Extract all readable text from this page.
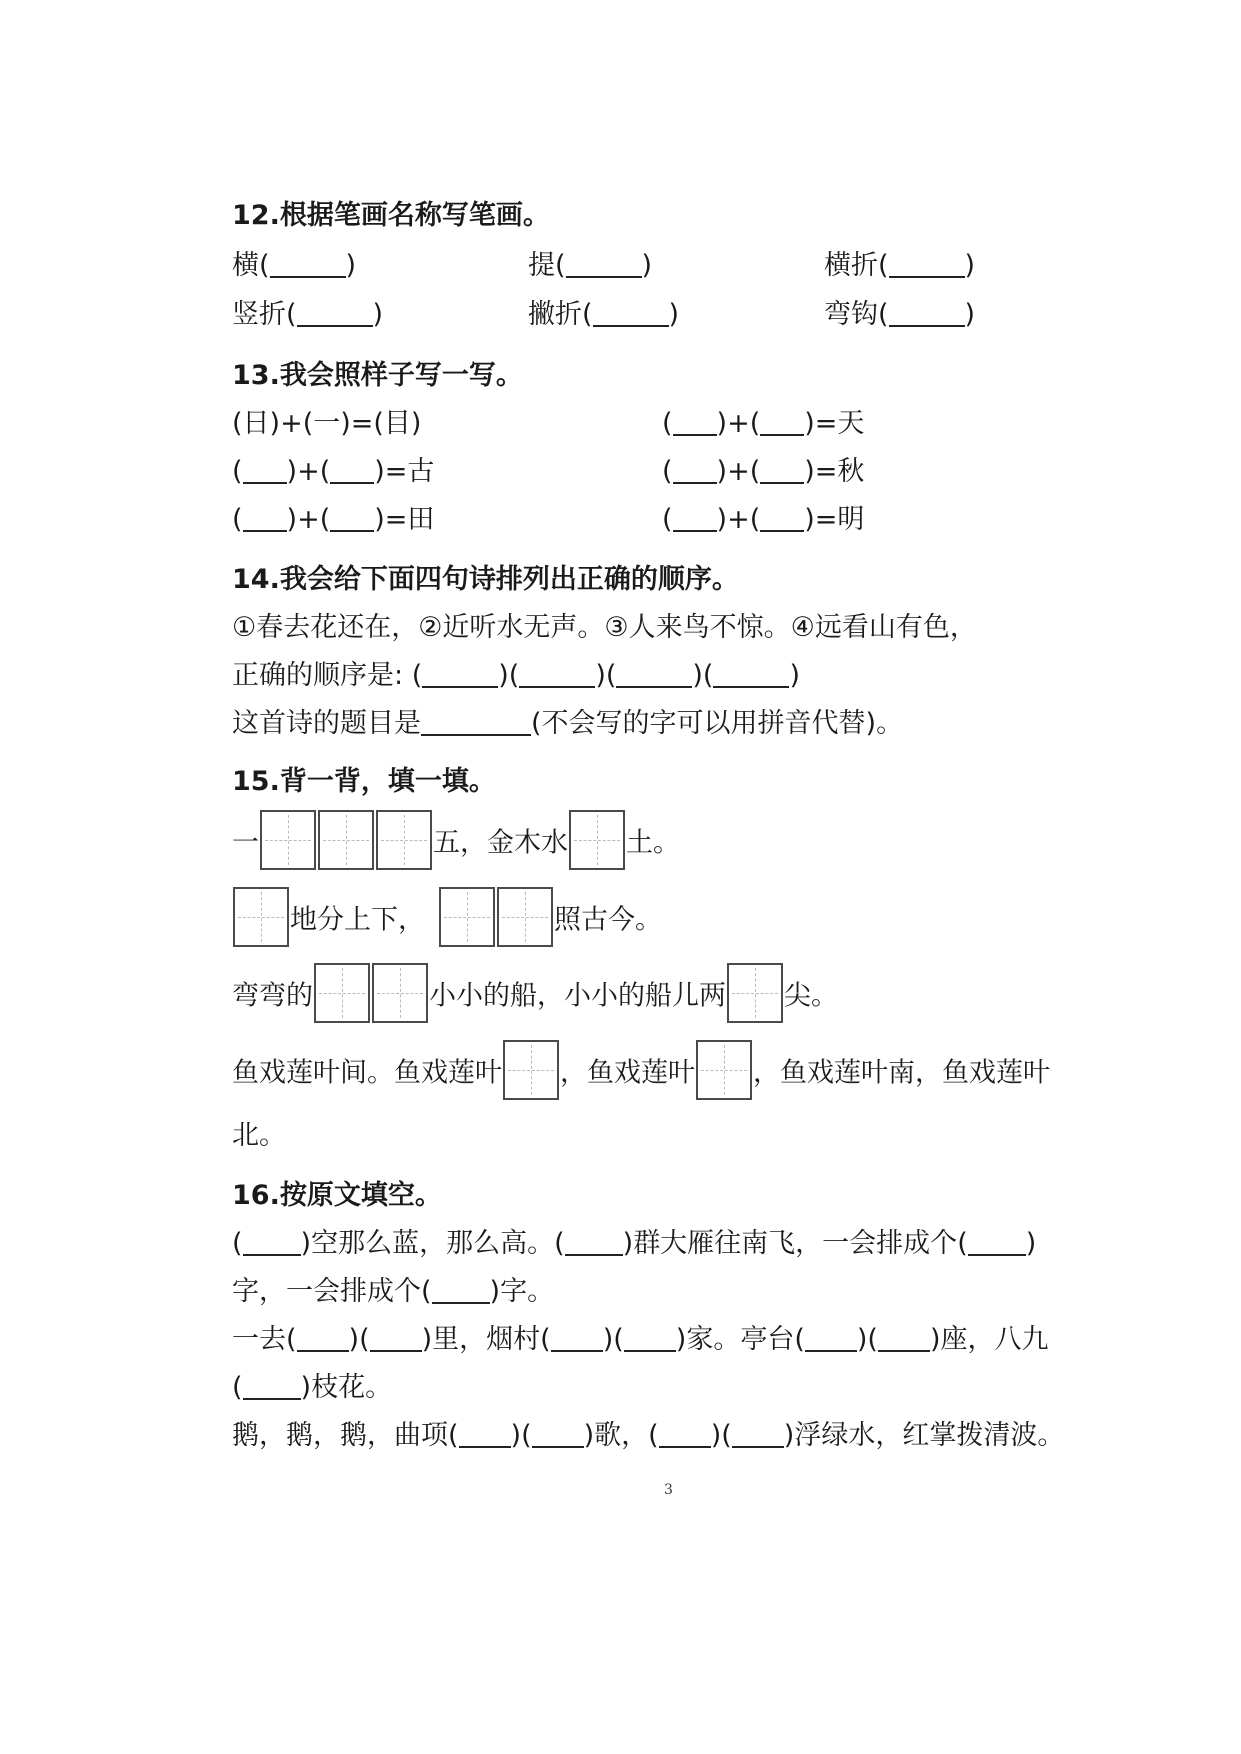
12.根据笔画名称写笔画。
横(	)	提(	)	横折(	)
竖折(	)	撇折(	)	弯钩(	)
13.我会照样子写一写。
(日)+(一)=(目)	( )+( )=天
( )+( )=古	( )+( )=秋
( )+( )=田	( )+( )=明
14.我会给下面四句诗排列出正确的顺序。
①春去花还在，②近听水无声。③人来鸟不惊。④远看山有色，
正确的顺序是: (	)(	)(	)(	)
这首诗的题目是	(不会写的字可以用拼音代替)。
15.背一背，填一填。
一	五，金木水 土。
地分上下，	照古今。
弯弯的	小小的船，小小的船儿两 尖。
鱼戏莲叶间。鱼戏莲叶 ，鱼戏莲叶 ，鱼戏莲叶南，鱼戏莲叶
北。
16.按原文填空。
( )空那么蓝，那么高。( )群大雁往南飞，一会排成个( )
字，一会排成个( )字。
一去( )( )里，烟村( )( )家。亭台( )( )座，八九
( )枝花。
鹅，鹅，鹅，曲项( )( )歌，( )( )浮绿水，红掌拨清波。
3
